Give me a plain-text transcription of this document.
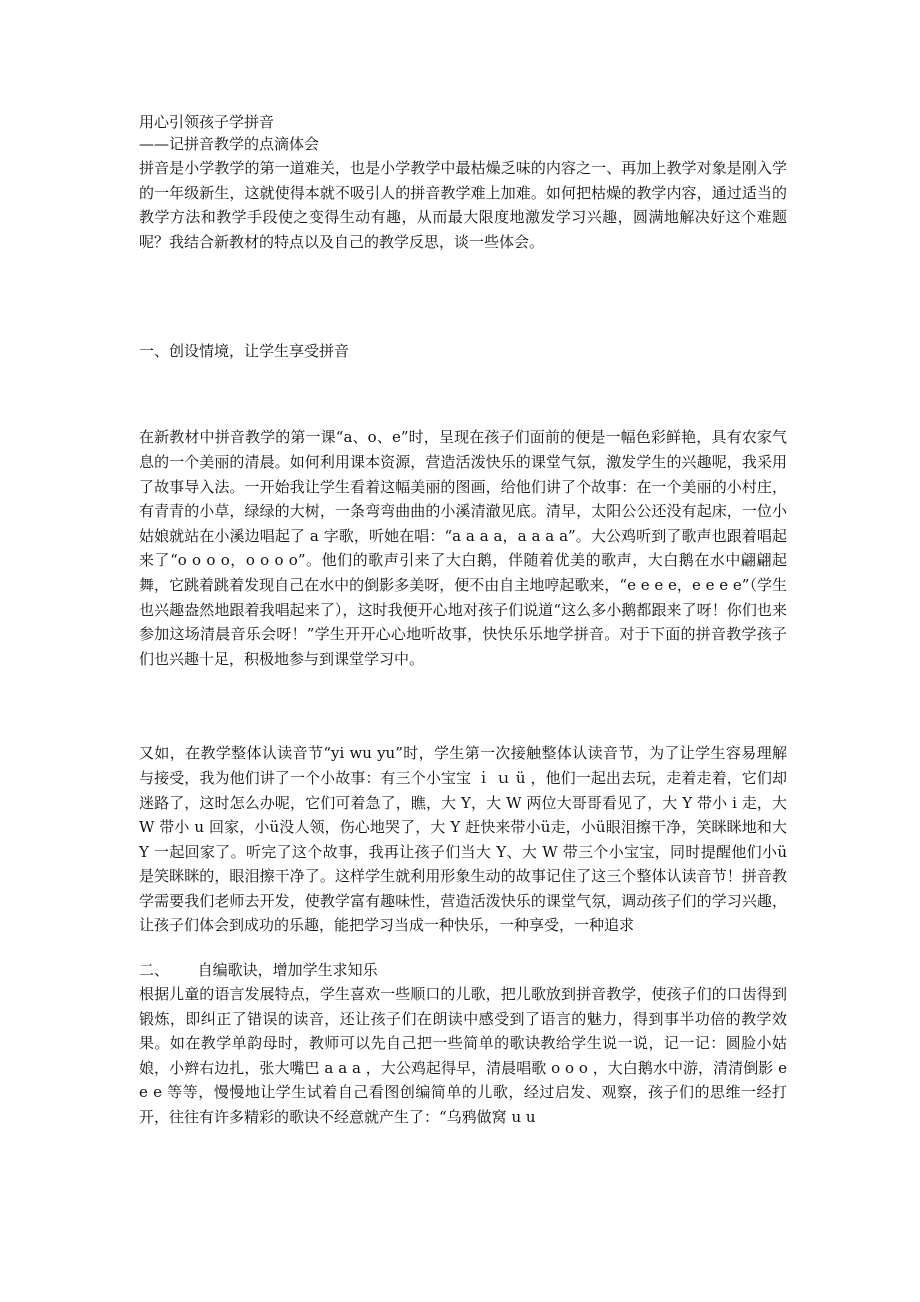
用心引领孩子学拼音

——记拼音教学的点滴体会

拼音是小学教学的第一道难关，也是小学教学中最枯燥乏味的内容之一、再加上教学对象是刚入学的一年级新生，这就使得本就不吸引人的拼音教学难上加难。如何把枯燥的教学内容，通过适当的教学方法和教学手段使之变得生动有趣，从而最大限度地激发学习兴趣，圆满地解决好这个难题呢？我结合新教材的特点以及自己的教学反思，谈一些体会。

一、创设情境，让学生享受拼音

在新教材中拼音教学的第一课“a、o、e”时，呈现在孩子们面前的便是一幅色彩鲜艳，具有农家气息的一个美丽的清晨。如何利用课本资源，营造活泼快乐的课堂气氛，激发学生的兴趣呢，我采用了故事导入法。一开始我让学生看着这幅美丽的图画，给他们讲了个故事：在一个美丽的小村庄，有青青的小草，绿绿的大树，一条弯弯曲曲的小溪清澈见底。清早，太阳公公还没有起床，一位小姑娘就站在小溪边唱起了 a 字歌，听她在唱：“a a a a，a a a a”。大公鸡听到了歌声也跟着唱起来了“o o o o，o o o o”。他们的歌声引来了大白鹅，伴随着优美的歌声，大白鹅在水中翩翩起舞，它跳着跳着发现自己在水中的倒影多美呀，便不由自主地哼起歌来，“e e e e，e e e e”（学生也兴趣盎然地跟着我唱起来了），这时我便开心地对孩子们说道“这么多小鹅都跟来了呀！你们也来参加这场清晨音乐会呀！”学生开开心心地听故事，快快乐乐地学拼音。对于下面的拼音教学孩子们也兴趣十足，积极地参与到课堂学习中。

又如，在教学整体认读音节“yi wu yu”时，学生第一次接触整体认读音节，为了让学生容易理解与接受，我为他们讲了一个小故事：有三个小宝宝 ｉ ｕ ü ，他们一起出去玩，走着走着，它们却迷路了，这时怎么办呢，它们可着急了，瞧，大 Y，大 W 两位大哥哥看见了，大 Y 带小 i 走，大 W 带小 u 回家，小ü没人领，伤心地哭了，大 Y 赶快来带小ü走，小ü眼泪擦干净，笑眯眯地和大 Y 一起回家了。听完了这个故事，我再让孩子们当大 Y、大 W 带三个小宝宝，同时提醒他们小ü是笑眯眯的，眼泪擦干净了。这样学生就利用形象生动的故事记住了这三个整体认读音节！拼音教学需要我们老师去开发，使教学富有趣味性，营造活泼快乐的课堂气氛，调动孩子们的学习兴趣，让孩子们体会到成功的乐趣，能把学习当成一种快乐，一种享受，一种追求

二、      自编歌诀，增加学生求知乐

根据儿童的语言发展特点，学生喜欢一些顺口的儿歌，把儿歌放到拼音教学，使孩子们的口齿得到锻炼，即纠正了错误的读音，还让孩子们在朗读中感受到了语言的魅力，得到事半功倍的教学效果。如在教学单韵母时，教师可以先自己把一些简单的歌诀教给学生说一说，记一记：圆脸小姑娘，小辫右边扎，张大嘴巴 a a a ，大公鸡起得早，清晨唱歌 o o o ，大白鹅水中游，清清倒影 e e e 等等，慢慢地让学生试着自己看图创编简单的儿歌，经过启发、观察，孩子们的思维一经打开，往往有许多精彩的歌诀不经意就产生了：“乌鸦做窝 u u
